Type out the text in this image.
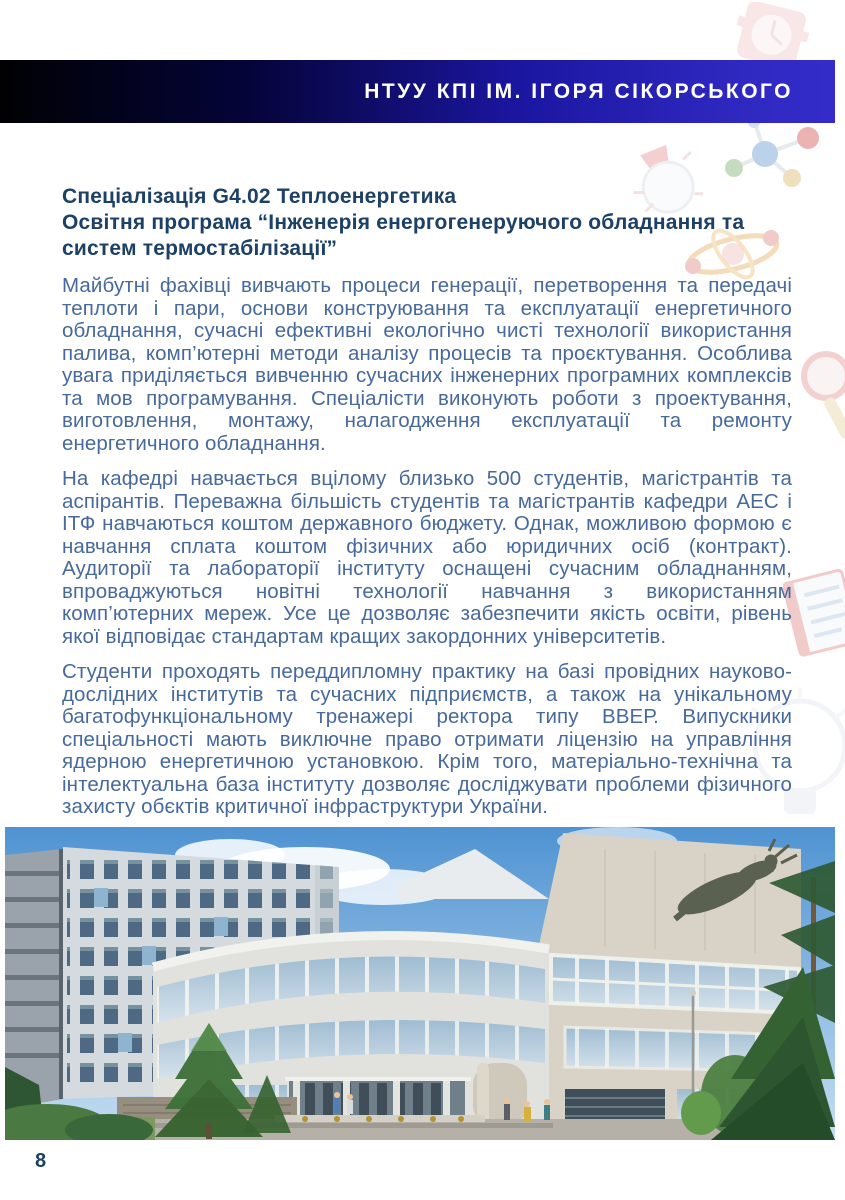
НТУУ КПІ ІМ. ІГОРЯ СІКОРСЬКОГО
Спеціалізація G4.02 Теплоенергетика
Освітня програма “Інженерія енергогенеруючого обладнання та систем термостабілізації”

Майбутні фахівці вивчають процеси генерації, перетворення та передачі теплоти і пари, основи конструювання та експлуатації енергетичного обладнання, сучасні ефективні екологічно чисті технології використання палива, комп’ютерні методи аналізу процесів та проєктування. Особлива увага приділяється вивченню сучасних інженерних програмних комплексів та мов програмування. Спеціалісти виконують роботи з проектування, виготовлення, монтажу, налагодження експлуатації та ремонту енергетичного обладнання.

На кафедрі навчається вцілому близько 500 студентів, магістрантів та аспірантів. Переважна більшість студентів та магістрантів кафедри АЕС і ІТФ навчаються коштом державного бюджету. Однак, можливою формою є навчання сплата коштом фізичних або юридичних осіб (контракт). Аудиторії та лабораторії інституту оснащені сучасним обладнанням, впроваджуються новітні технології навчання з використанням комп’ютерних мереж. Усе це дозволяє забезпечити якість освіти, рівень якої відповідає стандартам кращих закордонних університетів.

Студенти проходять переддипломну практику на базі провідних науково-дослідних інститутів та сучасних підприємств, а також на унікальному багатофункціональному тренажері ректора типу ВВЕР. Випускники спеціальності мають виключне право отримати ліцензію на управління ядерною енергетичною установкою. Крім того, матеріально-технічна та інтелектуальна база інституту дозволяє досліджувати проблеми фізичного захисту обєктів критичної інфраструктури України.

8
